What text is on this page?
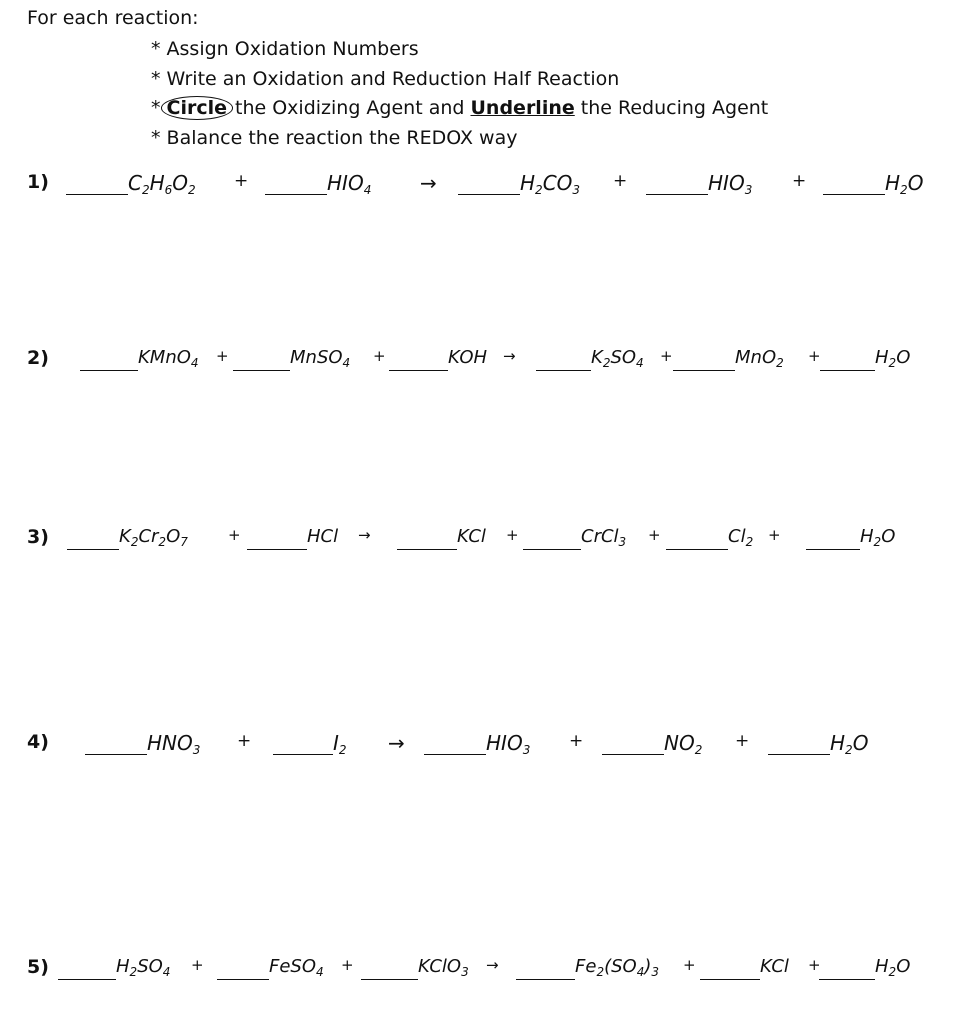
For each reaction:
* Assign Oxidation Numbers
* Write an Oxidation and Reduction Half Reaction
* Circle the Oxidizing Agent and Underline the Reducing Agent
* Balance the reaction the REDOX way
1)	$C_2H_6O_2$ +	$HIO_4$ →	$H_2CO_3$ +	$HIO_3$ +	$H_2O$
2)	KMnO$_4$ +	MnSO$_4$ +	KOH →	$K_2SO_4$ +	MnO$_2$ +	$H_2O$
3)	$K_2Cr_2O_7$	+	HCl →	KCl +	CrCl$_3$ +	$Cl_2$ +	$H_2O$
4)	$HNO_3$ +	$I_2$ →	$HIO_3$ +	$NO_2$ +	$H_2O$
5)	$H_2SO_4$ +	FeSO$_4$ +	KClO$_3$ →	$Fe_2(SO_4)_3$ +	KCl +	$H_2O$
